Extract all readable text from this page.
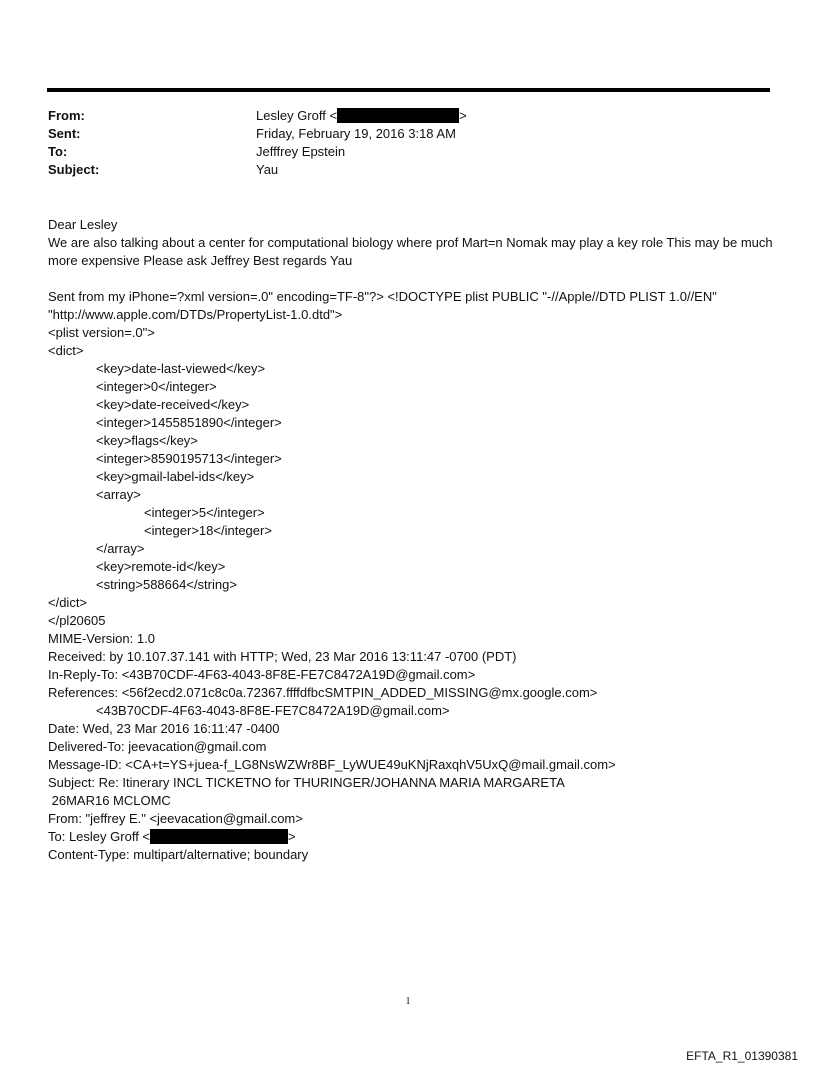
From:	Lesley Groff <	>
Sent:	Friday, February 19, 2016 3:18 AM
To:	Jefffrey Epstein
Subject:	Yau
Dear Lesley
We are also talking about a center for computational biology where prof Mart=n Nomak may play a key role This may be much more expensive Please ask Jeffrey Best regards Yau
Sent from my iPhone=?xml version=.0" encoding=TF-8"?> <!DOCTYPE plist PUBLIC "-//Apple//DTD PLIST 1.0//EN"
"http://www.apple.com/DTDs/PropertyList-1.0.dtd">
<plist version=.0">
<dict>
<key>date-last-viewed</key>
<integer>0</integer>
<key>date-received</key>
<integer>1455851890</integer>
<key>flags</key>
<integer>8590195713</integer>
<key>gmail-label-ids</key>
<array>
<integer>5</integer>
<integer>18</integer>
</array>
<key>remote-id</key>
<string>588664</string>
</dict>
</pl20605
MIME-Version: 1.0
Received: by 10.107.37.141 with HTTP; Wed, 23 Mar 2016 13:11:47 -0700 (PDT)
In-Reply-To: <43B70CDF-4F63-4043-8F8E-FE7C8472A19D@gmail.com>
References: <56f2ecd2.071c8c0a.72367.ffffdfbcSMTPIN_ADDED_MISSING@mx.google.com>
<43B70CDF-4F63-4043-8F8E-FE7C8472A19D@gmail.com>
Date: Wed, 23 Mar 2016 16:11:47 -0400
Delivered-To: jeevacation@gmail.com
Message-ID: <CA+t=YS+juea-f_LG8NsWZWr8BF_LyWUE49uKNjRaxqhV5UxQ@mail.gmail.com>
Subject: Re: Itinerary INCL TICKETNO for THURINGER/JOHANNA MARIA MARGARETA
26MAR16 MCLOMC
From: "jeffrey E." <jeevacation@gmail.com>
To: Lesley Groff <	>
Content-Type: multipart/alternative; boundary
1
EFTA_R1_01390381
